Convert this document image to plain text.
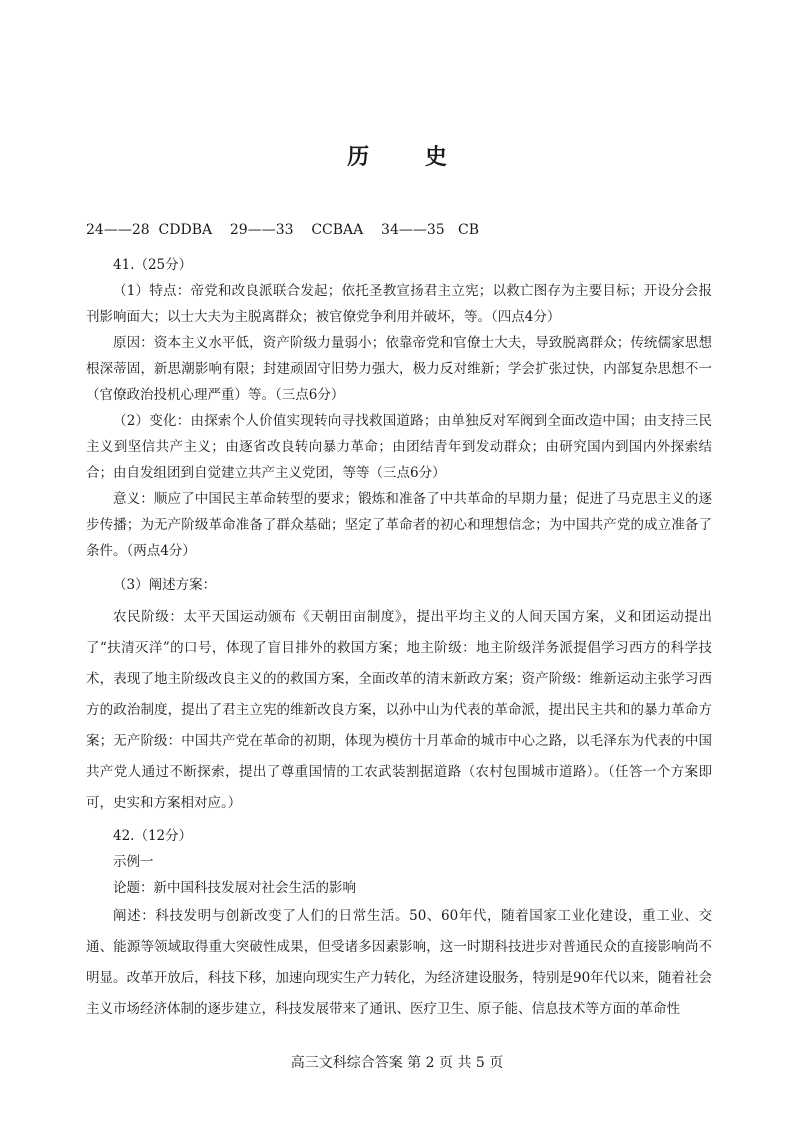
历 史
24——28  CDDBA    29——33    CCBAA    34——35   CB

41.（25分）

（1）特点：帝党和改良派联合发起；依托圣教宣扬君主立宪；以救亡图存为主要目标；开设分会报刊影响面大；以士大夫为主脱离群众；被官僚党争利用并破坏，等。（四点4分）

原因：资本主义水平低，资产阶级力量弱小；依靠帝党和官僚士大夫，导致脱离群众；传统儒家思想根深蒂固，新思潮影响有限；封建顽固守旧势力强大，极力反对维新；学会扩张过快，内部复杂思想不一（官僚政治投机心理严重）等。（三点6分）

（2）变化：由探索个人价值实现转向寻找救国道路；由单独反对军阀到全面改造中国；由支持三民主义到坚信共产主义；由逐省改良转向暴力革命；由团结青年到发动群众；由研究国内到国内外探索结合；由自发组团到自觉建立共产主义党团，等等（三点6分）

意义：顺应了中国民主革命转型的要求；锻炼和准备了中共革命的早期力量；促进了马克思主义的逐步传播；为无产阶级革命准备了群众基础；坚定了革命者的初心和理想信念；为中国共产党的成立准备了条件。（两点4分）

（3）阐述方案：

农民阶级：太平天国运动颁布《天朝田亩制度》，提出平均主义的人间天国方案，义和团运动提出了“扶清灭洋”的口号，体现了盲目排外的救国方案；地主阶级：地主阶级洋务派提倡学习西方的科学技术，表现了地主阶级改良主义的的救国方案，全面改革的清末新政方案；资产阶级：维新运动主张学习西方的政治制度，提出了君主立宪的维新改良方案，以孙中山为代表的革命派，提出民主共和的暴力革命方案；无产阶级：中国共产党在革命的初期，体现为模仿十月革命的城市中心之路，以毛泽东为代表的中国共产党人通过不断探索，提出了尊重国情的工农武装割据道路（农村包围城市道路）。（任答一个方案即可，史实和方案相对应。）

42.（12分）

示例一

论题：新中国科技发展对社会生活的影响

阐述：科技发明与创新改变了人们的日常生活。50、60年代，随着国家工业化建设，重工业、交通、能源等领域取得重大突破性成果，但受诸多因素影响，这一时期科技进步对普通民众的直接影响尚不明显。改革开放后，科技下移，加速向现实生产力转化，为经济建设服务，特别是90年代以来，随着社会主义市场经济体制的逐步建立，科技发展带来了通讯、医疗卫生、原子能、信息技术等方面的革命性

高三文科综合答案 第 2 页 共 5 页
